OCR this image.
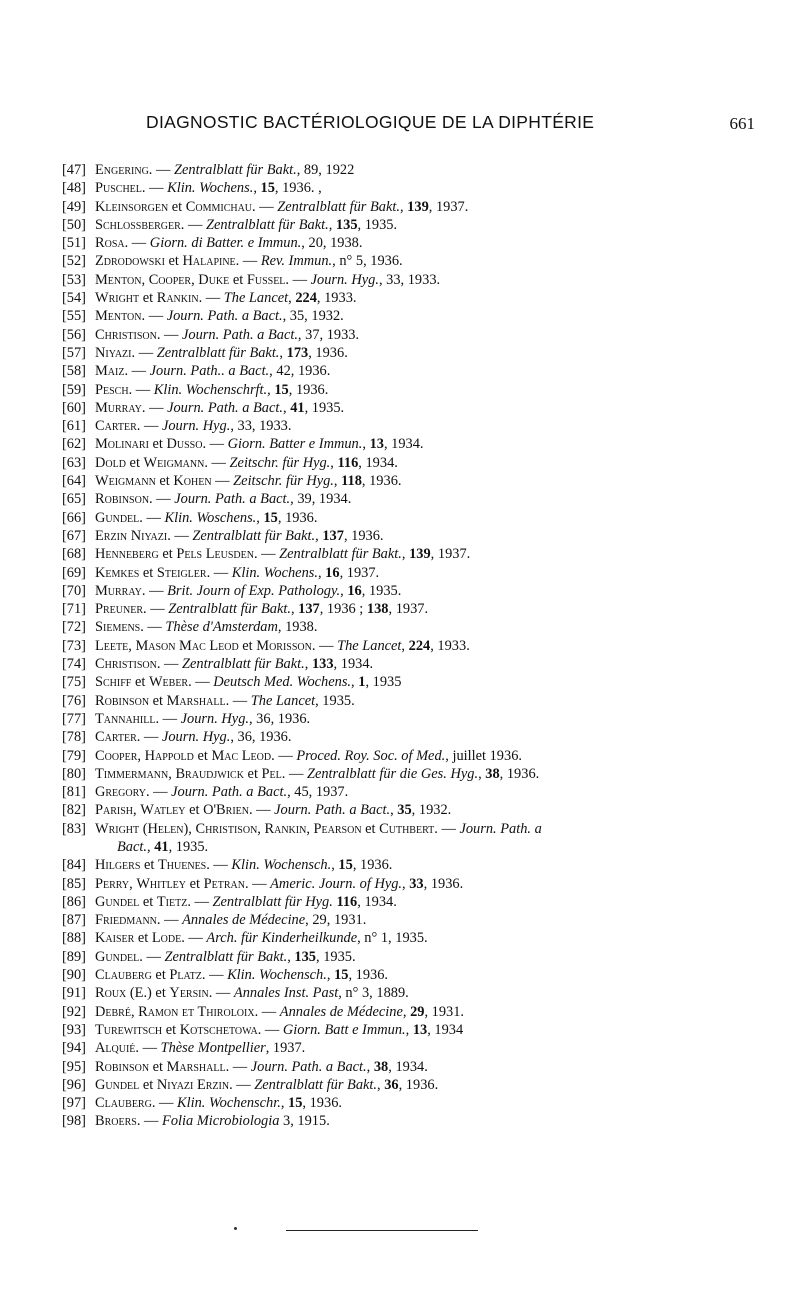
DIAGNOSTIC BACTÉRIOLOGIQUE DE LA DIPHTÉRIE	661
[47] Engering. — Zentralblatt für Bakt., 89, 1922
[48] Puschel. — Klin. Wochens., 15, 1936. ,
[49] Kleinsorgen et Commichau. — Zentralblatt für Bakt., 139, 1937.
[50] Schlossberger. — Zentralblatt für Bakt., 135, 1935.
[51] Rosa. — Giorn. di Batter. e Immun., 20, 1938.
[52] Zdrodowski et Halapine. — Rev. Immun., n° 5, 1936.
[53] Menton, Cooper, Duke et Fussel. — Journ. Hyg., 33, 1933.
[54] Wright et Rankin. — The Lancet, 224, 1933.
[55] Menton. — Journ. Path. a Bact., 35, 1932.
[56] Christison. — Journ. Path. a Bact., 37, 1933.
[57] Niyazi. — Zentralblatt für Bakt., 173, 1936.
[58] Maiz. — Journ. Path.. a Bact., 42, 1936.
[59] Pesch. — Klin. Wochenschrft., 15, 1936.
[60] Murray. — Journ. Path. a Bact., 41, 1935.
[61] Carter. — Journ. Hyg., 33, 1933.
[62] Molinari et Dusso. — Giorn. Batter e Immun., 13, 1934.
[63] Dold et Weigmann. — Zeitschr. für Hyg., 116, 1934.
[64] Weigmann et Kohen — Zeitschr. für Hyg., 118, 1936.
[65] Robinson. — Journ. Path. a Bact., 39, 1934.
[66] Gundel. — Klin. Woschens., 15, 1936.
[67] Erzin Niyazi. — Zentralblatt für Bakt., 137, 1936.
[68] Henneberg et Pels Leusden. — Zentralblatt für Bakt., 139, 1937.
[69] Kemkes et Steigler. — Klin. Wochens., 16, 1937.
[70] Murray. — Brit. Journ of Exp. Pathology., 16, 1935.
[71] Preuner. — Zentralblatt für Bakt., 137, 1936 ; 138, 1937.
[72] Siemens. — Thèse d'Amsterdam, 1938.
[73] Leete, Mason Mac Leod et Morisson. — The Lancet, 224, 1933.
[74] Christison. — Zentralblatt für Bakt., 133, 1934.
[75] Schiff et Weber. — Deutsch Med. Wochens., 1, 1935
[76] Robinson et Marshall. — The Lancet, 1935.
[77] Tannahill. — Journ. Hyg., 36, 1936.
[78] Carter. — Journ. Hyg., 36, 1936.
[79] Cooper, Happold et Mac Leod. — Proced. Roy. Soc. of Med., juillet 1936.
[80] Timmermann, Braudjwick et Pel. — Zentralblatt für die Ges. Hyg., 38, 1936.
[81] Gregory. — Journ. Path. a Bact., 45, 1937.
[82] Parish, Watley et O'Brien. — Journ. Path. a Bact., 35, 1932.
[83] Wright (Helen), Christison, Rankin, Pearson et Cuthbert. — Journ. Path. a
Bact., 41, 1935.
[84] Hilgers et Thuenes. — Klin. Wochensch., 15, 1936.
[85] Perry, Whitley et Petran. — Americ. Journ. of Hyg., 33, 1936.
[86] Gundel et Tietz. — Zentralblatt für Hyg. 116, 1934.
[87] Friedmann. — Annales de Médecine, 29, 1931.
[88] Kaiser et Lode. — Arch. für Kinderheilkunde, n° 1, 1935.
[89] Gundel. — Zentralblatt für Bakt., 135, 1935.
[90] Clauberg et Platz. — Klin. Wochensch., 15, 1936.
[91] Roux (E.) et Yersin. — Annales Inst. Past, n° 3, 1889.
[92] Debré, Ramon et Thiroloix. — Annales de Médecine, 29, 1931.
[93] Turewitsch et Kotschetowa. — Giorn. Batt e Immun., 13, 1934
[94] Alquié. — Thèse Montpellier, 1937.
[95] Robinson et Marshall. — Journ. Path. a Bact., 38, 1934.
[96] Gundel et Niyazi Erzin. — Zentralblatt für Bakt., 36, 1936.
[97] Clauberg. — Klin. Wochenschr., 15, 1936.
[98] Broers. — Folia Microbiologia 3, 1915.
